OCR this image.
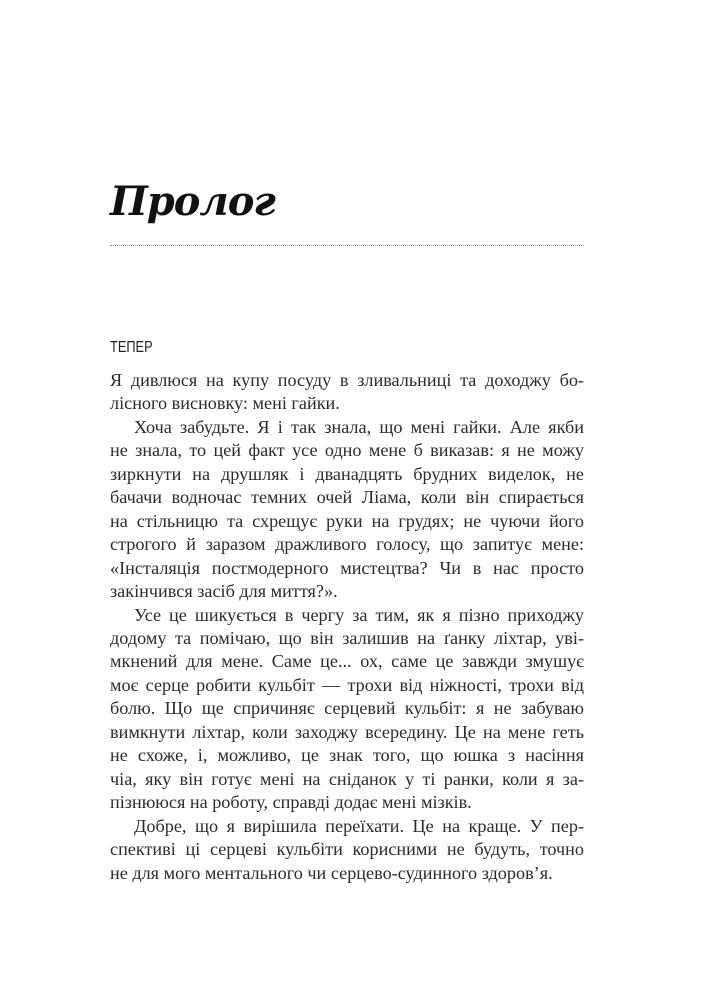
Пролог
ТЕПЕР
Я дивлюся на купу посуду в зливальниці та доходжу бо-
лісного висновку: мені гайки.
Хоча забудьте. Я і так знала, що мені гайки. Але якби
не знала, то цей факт усе одно мене б виказав: я не можу
зиркнути на друшляк і дванадцять брудних виделок, не
бачачи водночас темних очей Ліама, коли він спирається
на стільницю та схрещує руки на грудях; не чуючи його
строгого й заразом дражливого голосу, що запитує мене:
«Інсталяція постмодерного мистецтва? Чи в нас просто
закінчився засіб для миття?».
Усе це шикується в чергу за тим, як я пізно приходжу
додому та помічаю, що він залишив на ґанку ліхтар, уві-
мкнений для мене. Саме це... ох, саме це завжди змушує
моє серце робити кульбіт — трохи від ніжності, трохи від
болю. Що ще спричиняє серцевий кульбіт: я не забуваю
вимкнути ліхтар, коли заходжу всередину. Це на мене геть
не схоже, і, можливо, це знак того, що юшка з насіння
чіа, яку він готує мені на сніданок у ті ранки, коли я за-
пізнююся на роботу, справді додає мені мізків.
Добре, що я вирішила переїхати. Це на краще. У пер-
спективі ці серцеві кульбіти корисними не будуть, точно
не для мого ментального чи серцево-судинного здоров’я.
